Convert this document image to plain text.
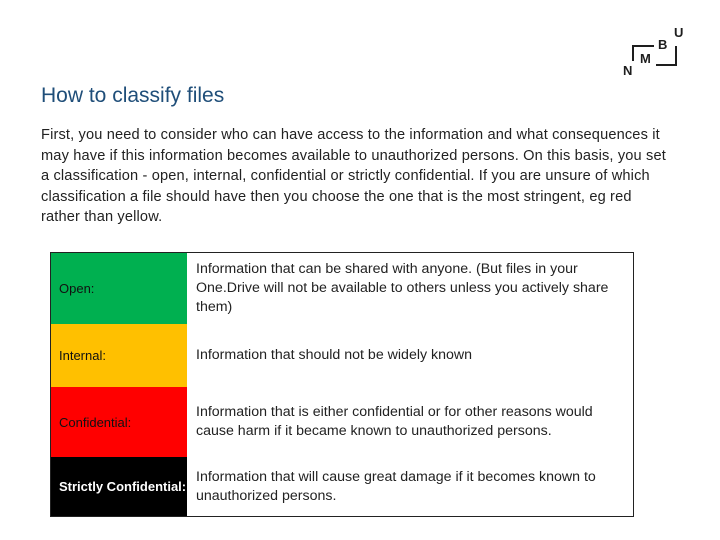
U
B
M
N
How to classify files

First, you need to consider who can have access to the information and what consequences it may have if this information becomes available to unauthorized persons. On this basis, you set a classification - open, internal, confidential or strictly confidential. If you are unsure of which classification a file should have then you choose the one that is the most stringent, eg red rather than yellow.

Open:
Information that can be shared with anyone. (But files in your One.Drive will not be available to others unless you actively share them)
Internal:	Information that should not be widely known
Confidential:
Information that is either confidential or for other reasons would cause harm if it became known to unauthorized persons.
Strictly Confidential:
Information that will cause great damage if it becomes known to unauthorized persons.
